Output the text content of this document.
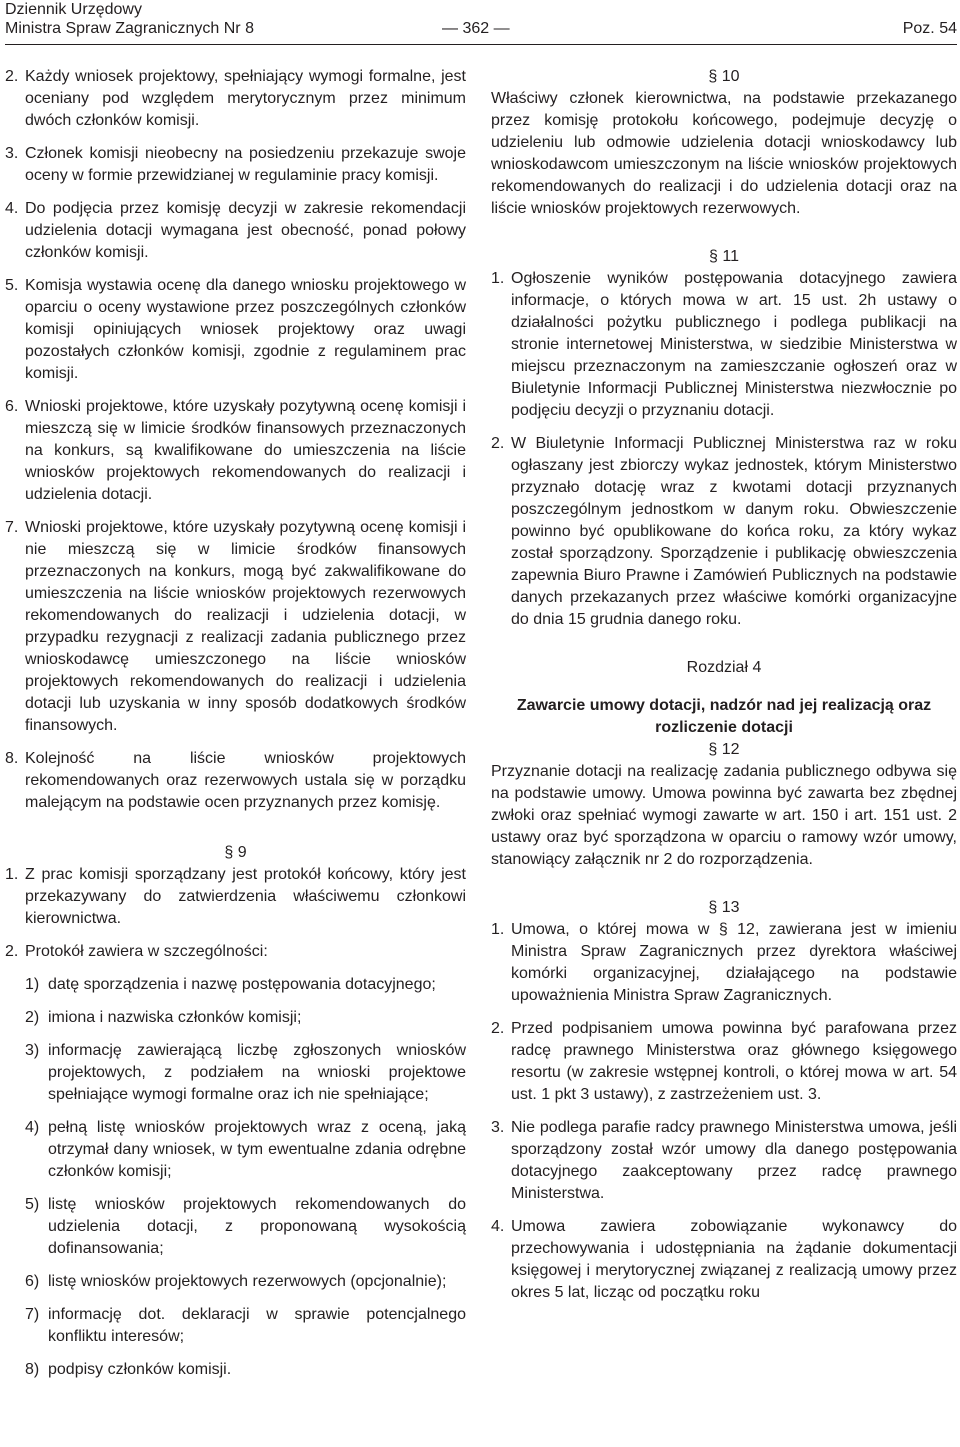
Dziennik Urzędowy
Ministra Spraw Zagranicznych Nr 8	— 362 —	Poz. 54
2. Każdy wniosek projektowy, spełniający wymogi formalne, jest oceniany pod względem merytorycznym przez minimum dwóch członków komisji.

3. Członek komisji nieobecny na posiedzeniu przekazuje swoje oceny w formie przewidzianej w regulaminie pracy komisji.

4. Do podjęcia przez komisję decyzji w zakresie rekomendacji udzielenia dotacji wymagana jest obecność, ponad połowy członków komisji.

5. Komisja wystawia ocenę dla danego wniosku projektowego w oparciu o oceny wystawione przez poszczególnych członków komisji opiniujących wniosek projektowy oraz uwagi pozostałych członków komisji, zgodnie z regulaminem prac komisji.

6. Wnioski projektowe, które uzyskały pozytywną ocenę komisji i mieszczą się w limicie środków finansowych przeznaczonych na konkurs, są kwalifikowane do umieszczenia na liście wniosków projektowych rekomendowanych do realizacji i udzielenia dotacji.

7. Wnioski projektowe, które uzyskały pozytywną ocenę komisji i nie mieszczą się w limicie środków finansowych przeznaczonych na konkurs, mogą być zakwalifikowane do umieszczenia na liście wniosków projektowych rezerwowych rekomendowanych do realizacji i udzielenia dotacji, w przypadku rezygnacji z realizacji zadania publicznego przez wnioskodawcę umieszczonego na liście wniosków projektowych rekomendowanych do realizacji i udzielenia dotacji lub uzyskania w inny sposób dodatkowych środków finansowych.

8. Kolejność na liście wniosków projektowych rekomendowanych oraz rezerwowych ustala się w porządku malejącym na podstawie ocen przyznanych przez komisję.

§ 9

1. Z prac komisji sporządzany jest protokół końcowy, który jest przekazywany do zatwierdzenia właściwemu członkowi kierownictwa.

2. Protokół zawiera w szczególności:

1) datę sporządzenia i nazwę postępowania dotacyjnego;

2) imiona i nazwiska członków komisji;

3) informację zawierającą liczbę zgłoszonych wniosków projektowych, z podziałem na wnioski projektowe spełniające wymogi formalne oraz ich nie spełniające;

4) pełną listę wniosków projektowych wraz z oceną, jaką otrzymał dany wniosek, w tym ewentualne zdania odrębne członków komisji;

5) listę wniosków projektowych rekomendowanych do udzielenia dotacji, z proponowaną wysokością dofinansowania;

6) listę wniosków projektowych rezerwowych (opcjonalnie);

7) informację dot. deklaracji w sprawie potencjalnego konfliktu interesów;

8) podpisy członków komisji.

§ 10

Właściwy członek kierownictwa, na podstawie przekazanego przez komisję protokołu końcowego, podejmuje decyzję o udzieleniu lub odmowie udzielenia dotacji wnioskodawcy lub wnioskodawcom umieszczonym na liście wniosków projektowych rekomendowanych do realizacji i do udzielenia dotacji oraz na liście wniosków projektowych rezerwowych.

§ 11

1. Ogłoszenie wyników postępowania dotacyjnego zawiera informacje, o których mowa w art. 15 ust. 2h ustawy o działalności pożytku publicznego i podlega publikacji na stronie internetowej Ministerstwa, w siedzibie Ministerstwa w miejscu przeznaczonym na zamieszczanie ogłoszeń oraz w Biuletynie Informacji Publicznej Ministerstwa niezwłocznie po podjęciu decyzji o przyznaniu dotacji.

2. W Biuletynie Informacji Publicznej Ministerstwa raz w roku ogłaszany jest zbiorczy wykaz jednostek, którym Ministerstwo przyznało dotację wraz z kwotami dotacji przyznanych poszczególnym jednostkom w danym roku. Obwieszczenie powinno być opublikowane do końca roku, za który wykaz został sporządzony. Sporządzenie i publikację obwieszczenia zapewnia Biuro Prawne i Zamówień Publicznych na podstawie danych przekazanych przez właściwe komórki organizacyjne do dnia 15 grudnia danego roku.

Rozdział 4

Zawarcie umowy dotacji, nadzór nad jej realizacją oraz rozliczenie dotacji

§ 12

Przyznanie dotacji na realizację zadania publicznego odbywa się na podstawie umowy. Umowa powinna być zawarta bez zbędnej zwłoki oraz spełniać wymogi zawarte w art. 150 i art. 151 ust. 2 ustawy oraz być sporządzona w oparciu o ramowy wzór umowy, stanowiący załącznik nr 2 do rozporządzenia.

§ 13

1. Umowa, o której mowa w § 12, zawierana jest w imieniu Ministra Spraw Zagranicznych przez dyrektora właściwej komórki organizacyjnej, działającego na podstawie upoważnienia Ministra Spraw Zagranicznych.

2. Przed podpisaniem umowa powinna być parafowana przez radcę prawnego Ministerstwa oraz głównego księgowego resortu (w zakresie wstępnej kontroli, o której mowa w art. 54 ust. 1 pkt 3 ustawy), z zastrzeżeniem ust. 3.

3. Nie podlega parafie radcy prawnego Ministerstwa umowa, jeśli sporządzony został wzór umowy dla danego postępowania dotacyjnego zaakceptowany przez radcę prawnego Ministerstwa.

4. Umowa zawiera zobowiązanie wykonawcy do przechowywania i udostępniania na żądanie dokumentacji księgowej i merytorycznej związanej z realizacją umowy przez okres 5 lat, licząc od początku roku
